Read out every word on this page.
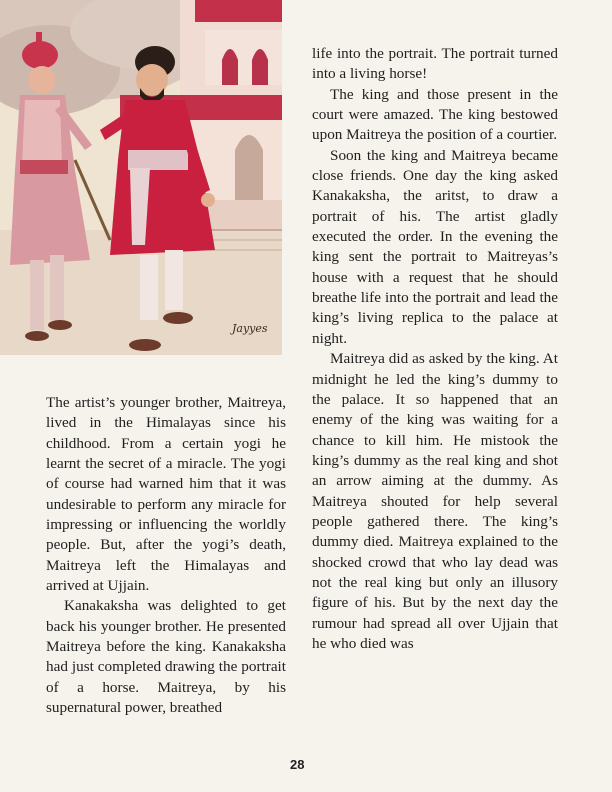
Jayyes

The artist’s younger brother, Maitreya, lived in the Himalayas since his childhood. From a certain yogi he learnt the secret of a miracle. The yogi of course had warned him that it was undesirable to perform any miracle for impressing or influencing the worldly people. But, after the yogi’s death, Maitreya left the Himalayas and arrived at Ujjain.

Kanakaksha was delighted to get back his younger brother. He presented Maitreya before the king. Kanakaksha had just completed drawing the portrait of a horse. Maitreya, by his supernatural power, breathed

life into the portrait. The portrait turned into a living horse!

The king and those present in the court were amazed. The king bestowed upon Maitreya the position of a courtier.

Soon the king and Maitreya became close friends. One day the king asked Kanakaksha, the aritst, to draw a portrait of his. The artist gladly executed the order. In the evening the king sent the portrait to Maitreyas’s house with a request that he should breathe life into the portrait and lead the king’s living replica to the palace at night.

Maitreya did as asked by the king. At midnight he led the king’s dummy to the palace. It so happened that an enemy of the king was waiting for a chance to kill him. He mistook the king’s dummy as the real king and shot an arrow aiming at the dummy. As Maitreya shouted for help several people gathered there. The king’s dummy died. Maitreya explained to the shocked crowd that who lay dead was not the real king but only an illusory figure of his. But by the next day the rumour had spread all over Ujjain that he who died was

28
